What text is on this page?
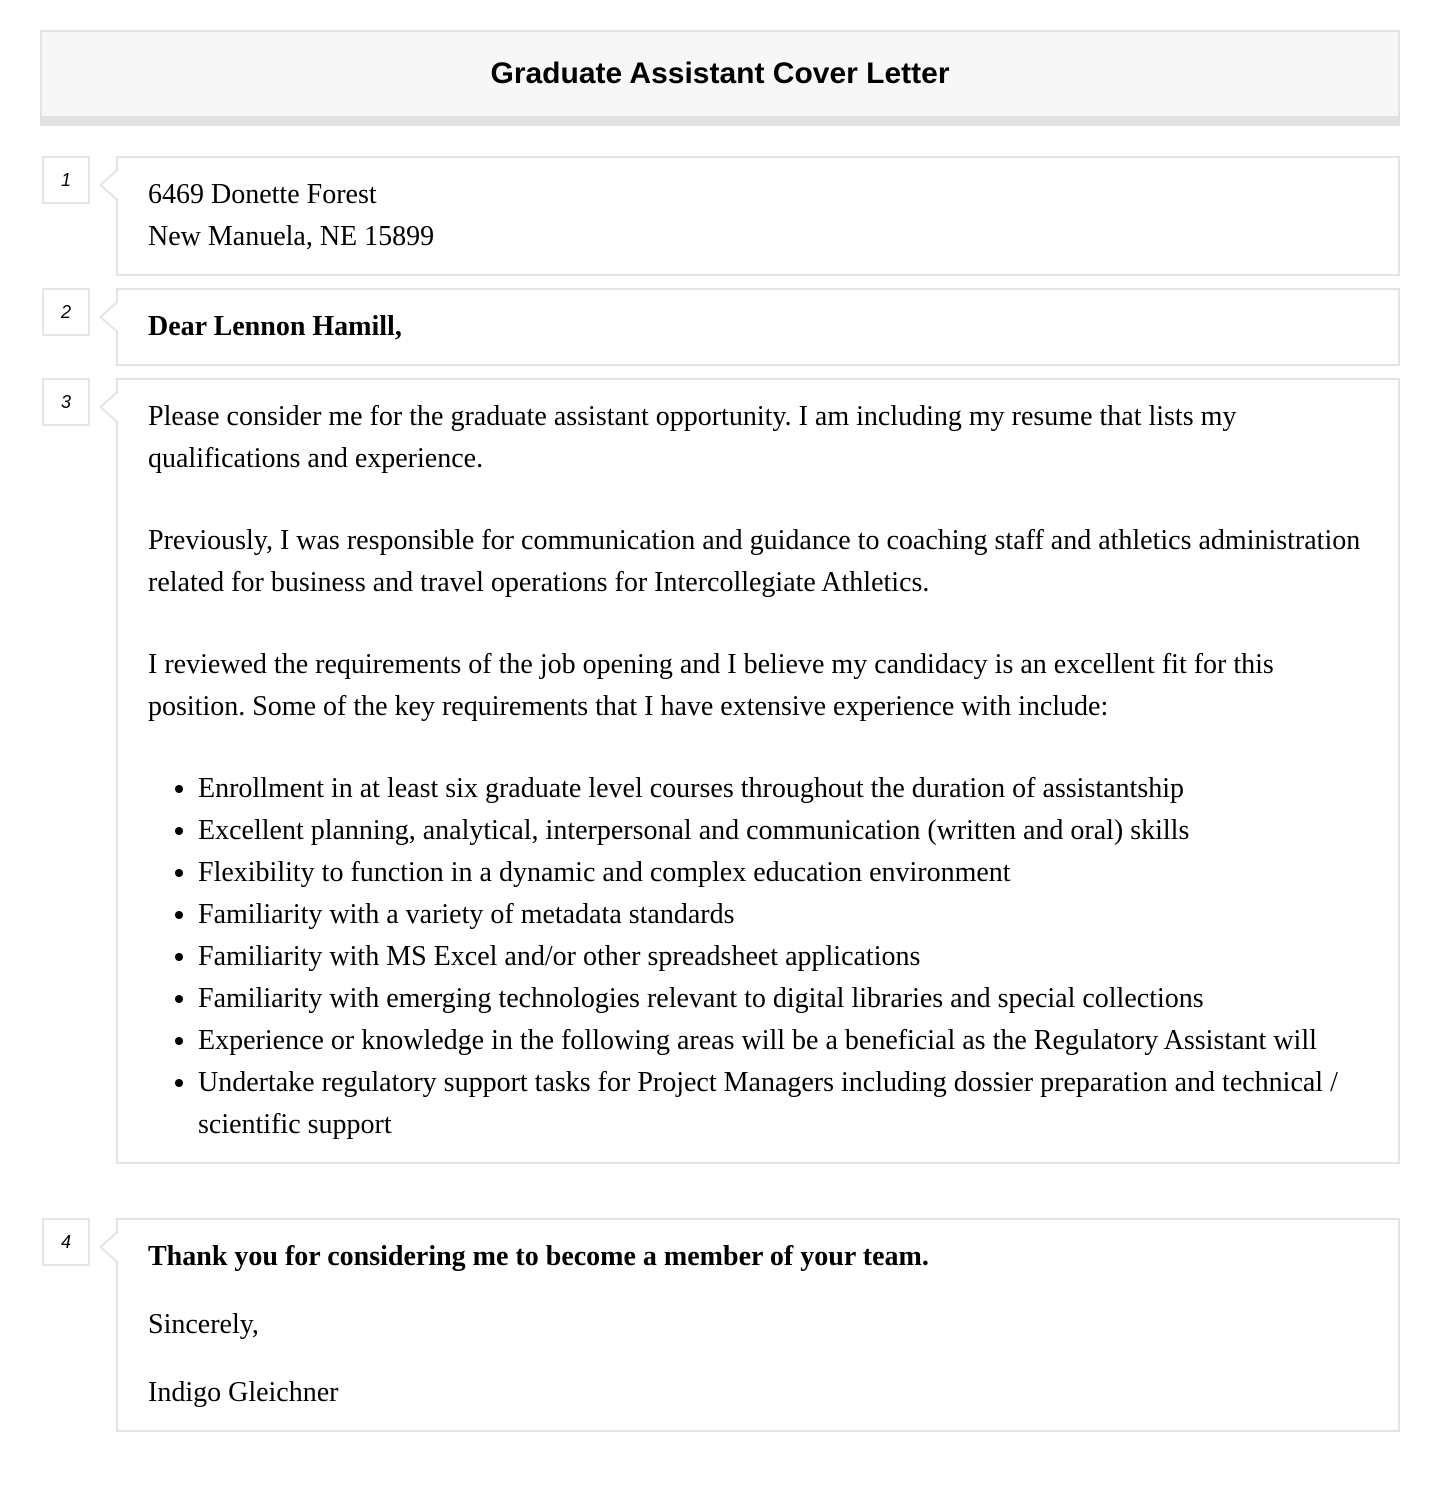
Graduate Assistant Cover Letter
1	6469 Donette Forest

New Manuela, NE 15899

2	Dear Lennon Hamill,

3	Please consider me for the graduate assistant opportunity. I am including my resume that lists my qualifications and experience.

Previously, I was responsible for communication and guidance to coaching staff and athletics administration related for business and travel operations for Intercollegiate Athletics.

I reviewed the requirements of the job opening and I believe my candidacy is an excellent fit for this position. Some of the key requirements that I have extensive experience with include:

• Enrollment in at least six graduate level courses throughout the duration of assistantship
• Excellent planning, analytical, interpersonal and communication (written and oral) skills
• Flexibility to function in a dynamic and complex education environment
• Familiarity with a variety of metadata standards
• Familiarity with MS Excel and/or other spreadsheet applications
• Familiarity with emerging technologies relevant to digital libraries and special collections
• Experience or knowledge in the following areas will be a beneficial as the Regulatory Assistant will
• Undertake regulatory support tasks for Project Managers including dossier preparation and technical / scientific support
4	Thank you for considering me to become a member of your team.

Sincerely,

Indigo Gleichner
